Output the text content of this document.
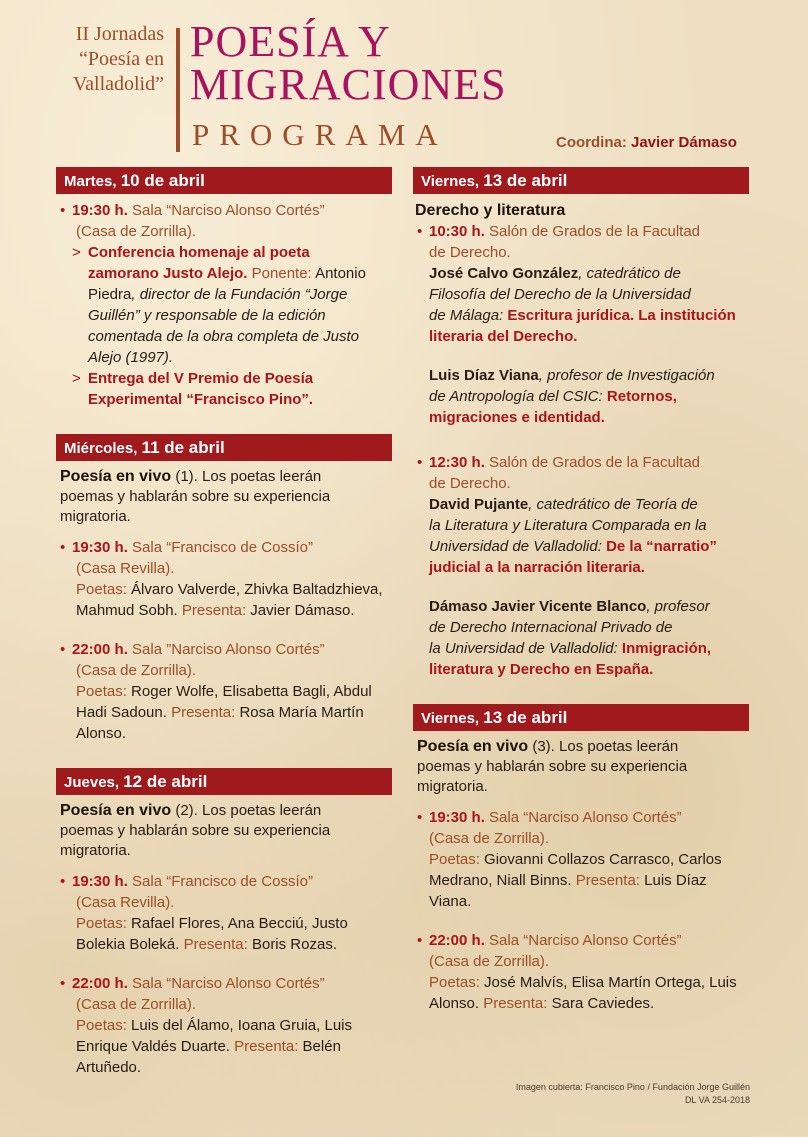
II Jornadas
“Poesía en
Valladolid”
POESÍA Y
MIGRACIONES
PROGRAMA	Coordina: Javier Dámaso
Martes, 10 de abril
• 19:30 h. Sala “Narciso Alonso Cortés”
(Casa de Zorrilla).
> Conferencia homenaje al poeta
zamorano Justo Alejo. Ponente: Antonio
Piedra, director de la Fundación “Jorge
Guillén” y responsable de la edición
comentada de la obra completa de Justo
Alejo (1997).
> Entrega del V Premio de Poesía
Experimental “Francisco Pino”.
Miércoles, 11 de abril
Poesía en vivo (1). Los poetas leerán
poemas y hablarán sobre su experiencia
migratoria.
• 19:30 h. Sala “Francisco de Cossío”
(Casa Revilla).
Poetas: Álvaro Valverde, Zhivka Baltadzhieva,
Mahmud Sobh. Presenta: Javier Dámaso.
• 22:00 h. Sala ”Narciso Alonso Cortés”
(Casa de Zorrilla).
Poetas: Roger Wolfe, Elisabetta Bagli, Abdul
Hadi Sadoun. Presenta: Rosa María Martín
Alonso.
Jueves, 12 de abril
Poesía en vivo (2). Los poetas leerán
poemas y hablarán sobre su experiencia
migratoria.
• 19:30 h. Sala “Francisco de Cossío”
(Casa Revilla).
Poetas: Rafael Flores, Ana Becciú, Justo
Bolekia Boleká. Presenta: Boris Rozas.
• 22:00 h. Sala “Narciso Alonso Cortés”
(Casa de Zorrilla).
Poetas: Luis del Álamo, Ioana Gruia, Luis
Enrique Valdés Duarte. Presenta: Belén
Artuñedo.
Viernes, 13 de abril
Derecho y literatura
• 10:30 h. Salón de Grados de la Facultad
de Derecho.
José Calvo González, catedrático de
Filosofía del Derecho de la Universidad
de Málaga: Escritura jurídica. La institución
literaria del Derecho.
Luis Díaz Viana, profesor de Investigación
de Antropología del CSIC: Retornos,
migraciones e identidad.
• 12:30 h. Salón de Grados de la Facultad
de Derecho.
David Pujante, catedrático de Teoría de
la Literatura y Literatura Comparada en la
Universidad de Valladolid: De la “narratio”
judicial a la narración literaria.
Dámaso Javier Vicente Blanco, profesor
de Derecho Internacional Privado de
la Universidad de Valladolid: Inmigración,
literatura y Derecho en España.
Viernes, 13 de abril
Poesía en vivo (3). Los poetas leerán
poemas y hablarán sobre su experiencia
migratoria.
• 19:30 h. Sala “Narciso Alonso Cortés”
(Casa de Zorrilla).
Poetas: Giovanni Collazos Carrasco, Carlos
Medrano, Niall Binns. Presenta: Luis Díaz
Viana.
• 22:00 h. Sala “Narciso Alonso Cortés”
(Casa de Zorrilla).
Poetas: José Malvís, Elisa Martín Ortega, Luis
Alonso. Presenta: Sara Caviedes.
Imagen cubierta: Francisco Pino / Fundación Jorge Guillén
DL VA 254-2018
